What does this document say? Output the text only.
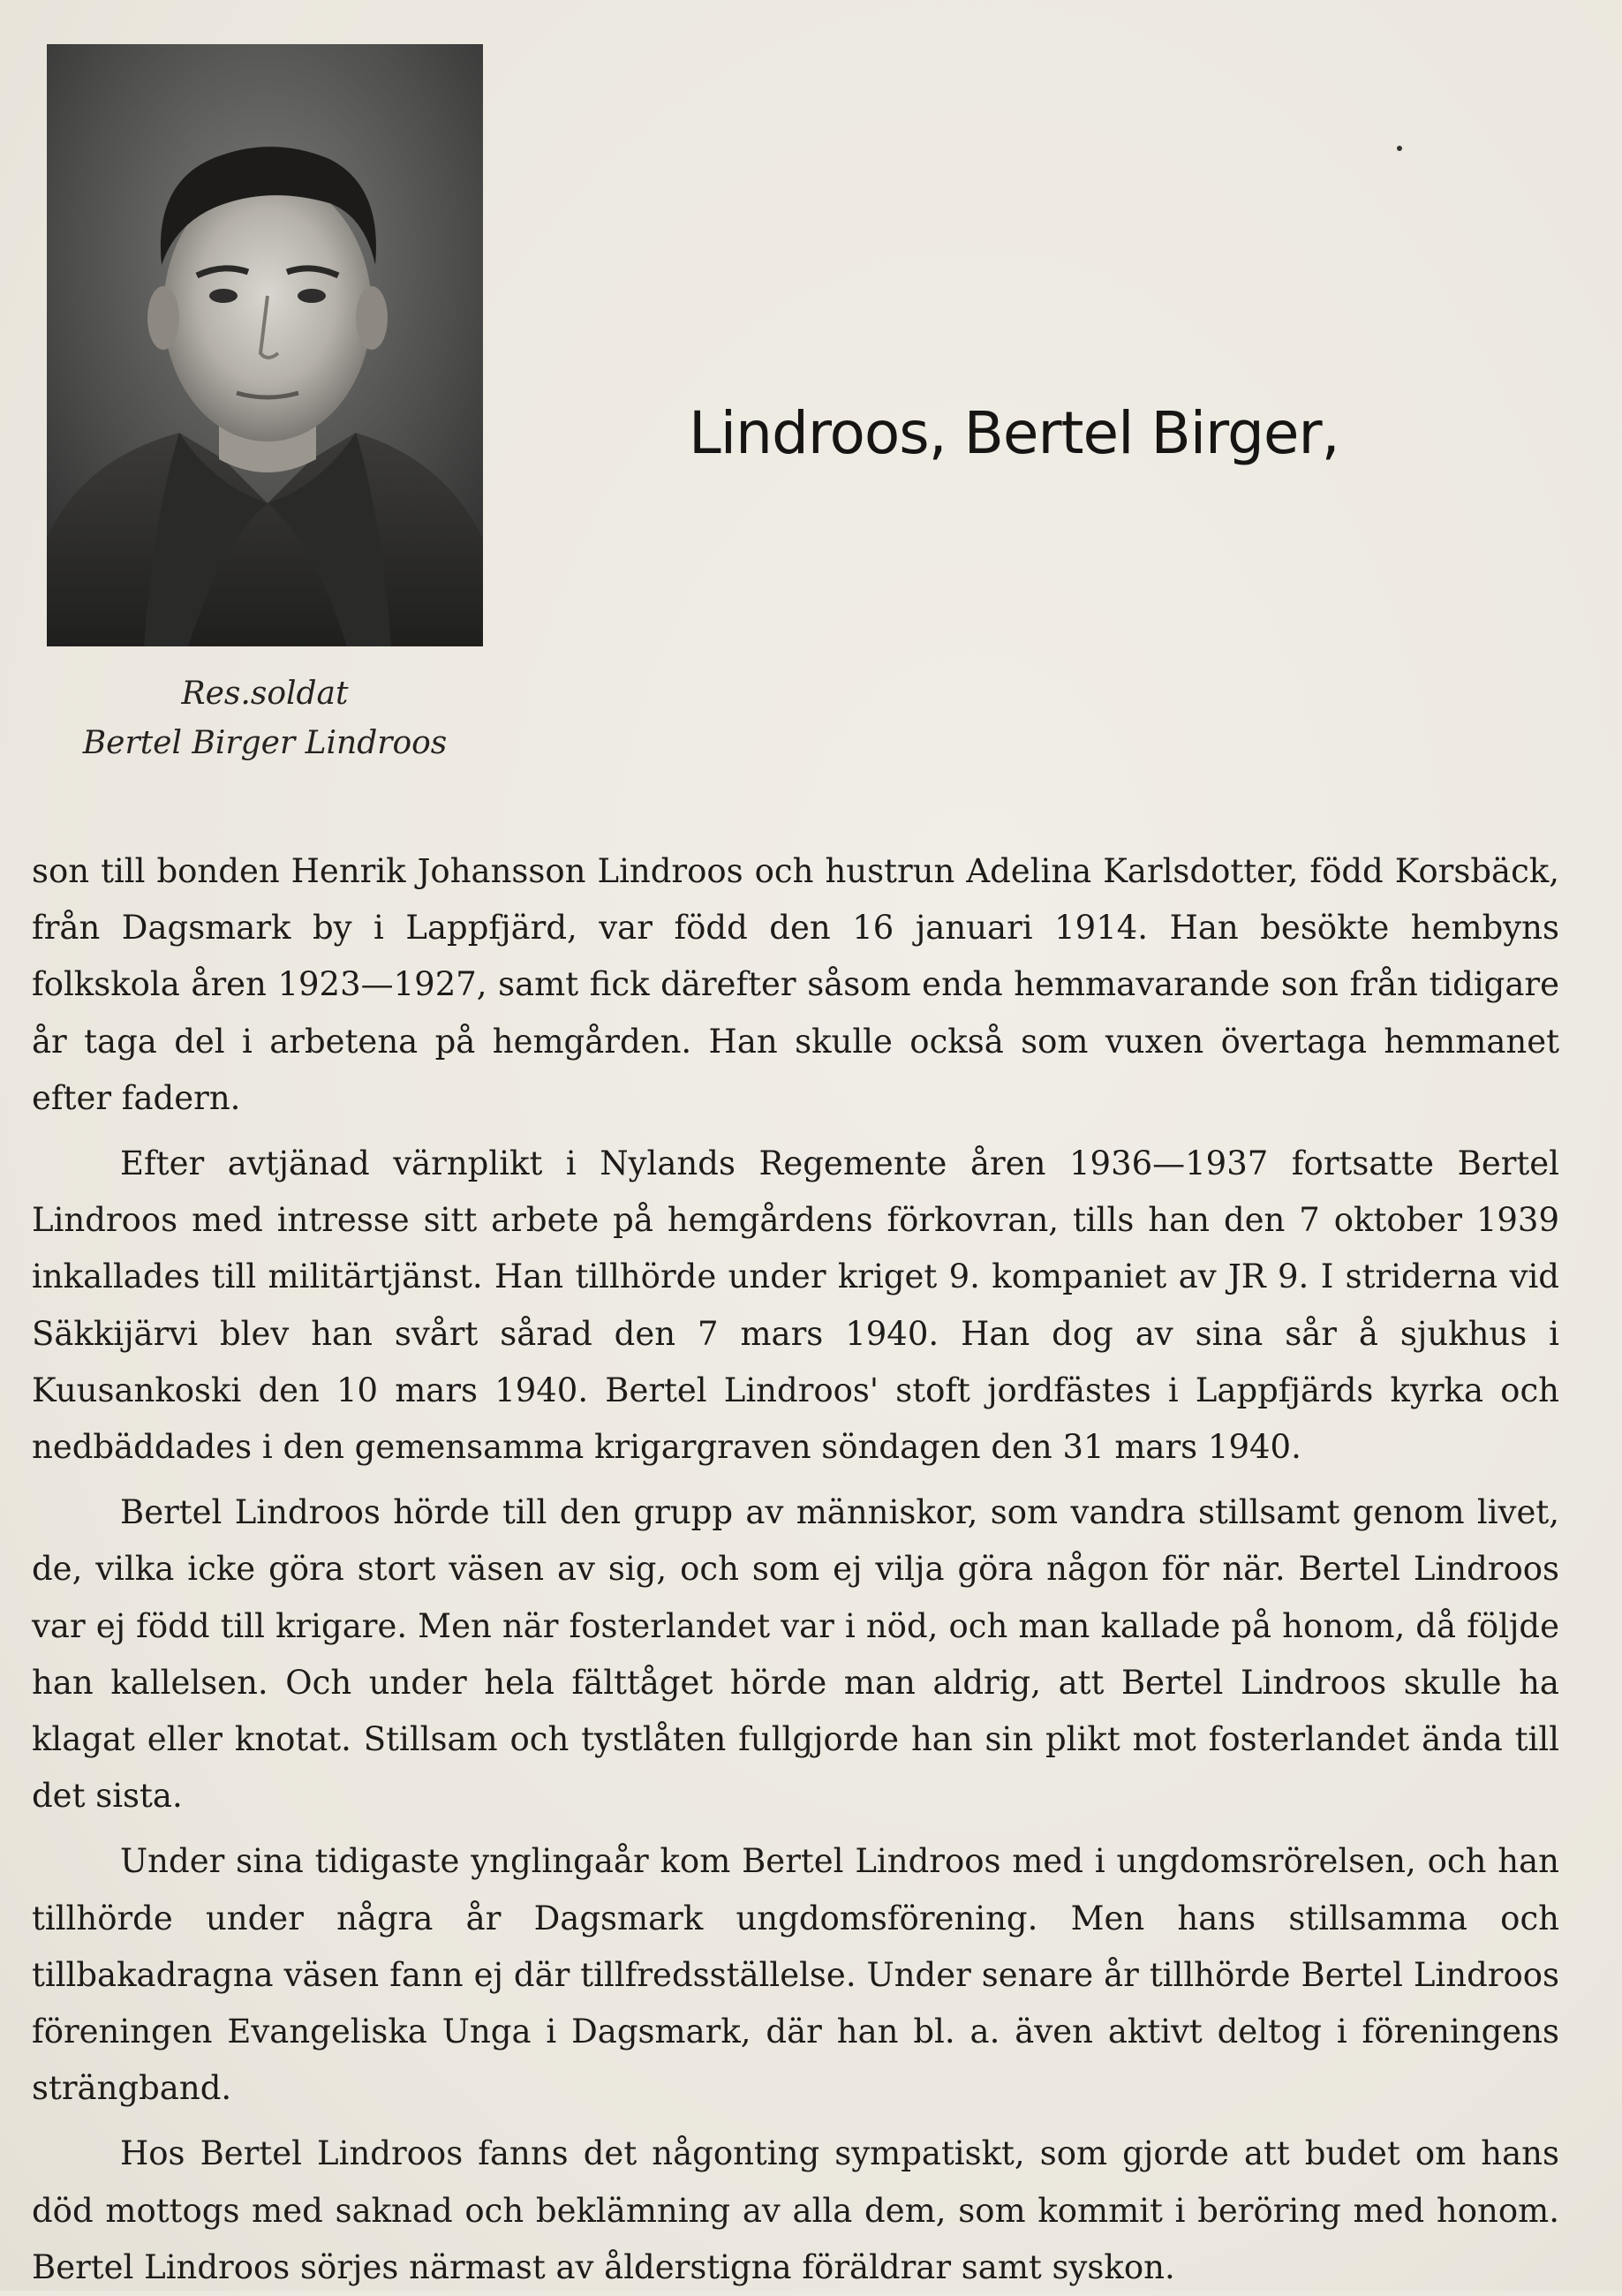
Res.soldat
Bertel Birger Lindroos
Lindroos, Bertel Birger,

son till bonden Henrik Johansson Lindroos och hustrun Adelina Karlsdotter, född Korsbäck, från Dagsmark by i Lappfjärd, var född den 16 januari 1914. Han besökte hembyns folkskola åren 1923—1927, samt fick därefter såsom enda hemmavarande son från tidigare år taga del i arbetena på hemgården. Han skulle också som vuxen övertaga hemmanet efter fadern.

Efter avtjänad värnplikt i Nylands Regemente åren 1936—1937 fortsatte Bertel Lindroos med intresse sitt arbete på hemgårdens förkovran, tills han den 7 oktober 1939 inkallades till militärtjänst. Han tillhörde under kriget 9. kompaniet av JR 9. I striderna vid Säkkijärvi blev han svårt sårad den 7 mars 1940. Han dog av sina sår å sjukhus i Kuusankoski den 10 mars 1940. Bertel Lindroos' stoft jordfästes i Lappfjärds kyrka och nedbäddades i den gemensamma krigargraven söndagen den 31 mars 1940.

Bertel Lindroos hörde till den grupp av människor, som vandra stillsamt genom livet, de, vilka icke göra stort väsen av sig, och som ej vilja göra någon för när. Bertel Lindroos var ej född till krigare. Men när fosterlandet var i nöd, och man kallade på honom, då följde han kallelsen. Och under hela fälttåget hörde man aldrig, att Bertel Lindroos skulle ha klagat eller knotat. Stillsam och tystlåten fullgjorde han sin plikt mot fosterlandet ända till det sista.

Under sina tidigaste ynglingaår kom Bertel Lindroos med i ungdomsrörelsen, och han tillhörde under några år Dagsmark ungdomsförening. Men hans stillsamma och tillbakadragna väsen fann ej där tillfredsställelse. Under senare år tillhörde Bertel Lindroos föreningen Evangeliska Unga i Dagsmark, där han bl. a. även aktivt deltog i föreningens strängband.

Hos Bertel Lindroos fanns det någonting sympatiskt, som gjorde att budet om hans död mottogs med saknad och beklämning av alla dem, som kommit i beröring med honom. Bertel Lindroos sörjes närmast av ålderstigna föräldrar samt syskon.
